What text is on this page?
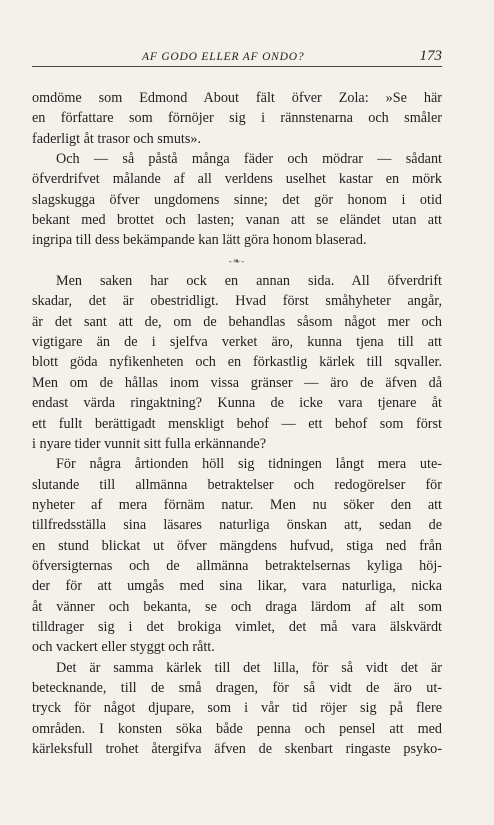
AF GODO ELLER AF ONDO?	173
omdöme som Edmond About fält öfver Zola: »Se här
en författare som förnöjer sig i rännstenarna och småler
faderligt åt trasor och smuts».
Och — så påstå många fäder och mödrar — sådant
öfverdrifvet målande af all verldens uselhet kastar en mörk
slagskugga öfver ungdomens sinne; det gör honom i otid
bekant med brottet och lasten; vanan att se eländet utan att
ingripa till dess bekämpande kan lätt göra honom blaserad.
-❧-
Men saken har ock en annan sida. All öfverdrift
skadar, det är obestridligt. Hvad först småhyheter angår,
är det sant att de, om de behandlas såsom något mer och
vigtigare än de i sjelfva verket äro, kunna tjena till att
blott göda nyfikenheten och en förkastlig kärlek till sqvaller.
Men om de hållas inom vissa gränser — äro de äfven då
endast värda ringaktning? Kunna de icke vara tjenare åt
ett fullt berättigadt menskligt behof — ett behof som först
i nyare tider vunnit sitt fulla erkännande?
För några årtionden höll sig tidningen långt mera ute-
slutande till allmänna betraktelser och redogörelser för
nyheter af mera förnäm natur. Men nu söker den att
tillfredsställa sina läsares naturliga önskan att, sedan de
en stund blickat ut öfver mängdens hufvud, stiga ned från
öfversigternas och de allmänna betraktelsernas kyliga höj-
der för att umgås med sina likar, vara naturliga, nicka
åt vänner och bekanta, se och draga lärdom af alt som
tilldrager sig i det brokiga vimlet, det må vara älskvärdt
och vackert eller styggt och rått.
Det är samma kärlek till det lilla, för så vidt det är
betecknande, till de små dragen, för så vidt de äro ut-
tryck för något djupare, som i vår tid röjer sig på flere
områden. I konsten söka både penna och pensel att med
kärleksfull trohet återgifva äfven de skenbart ringaste psyko-
